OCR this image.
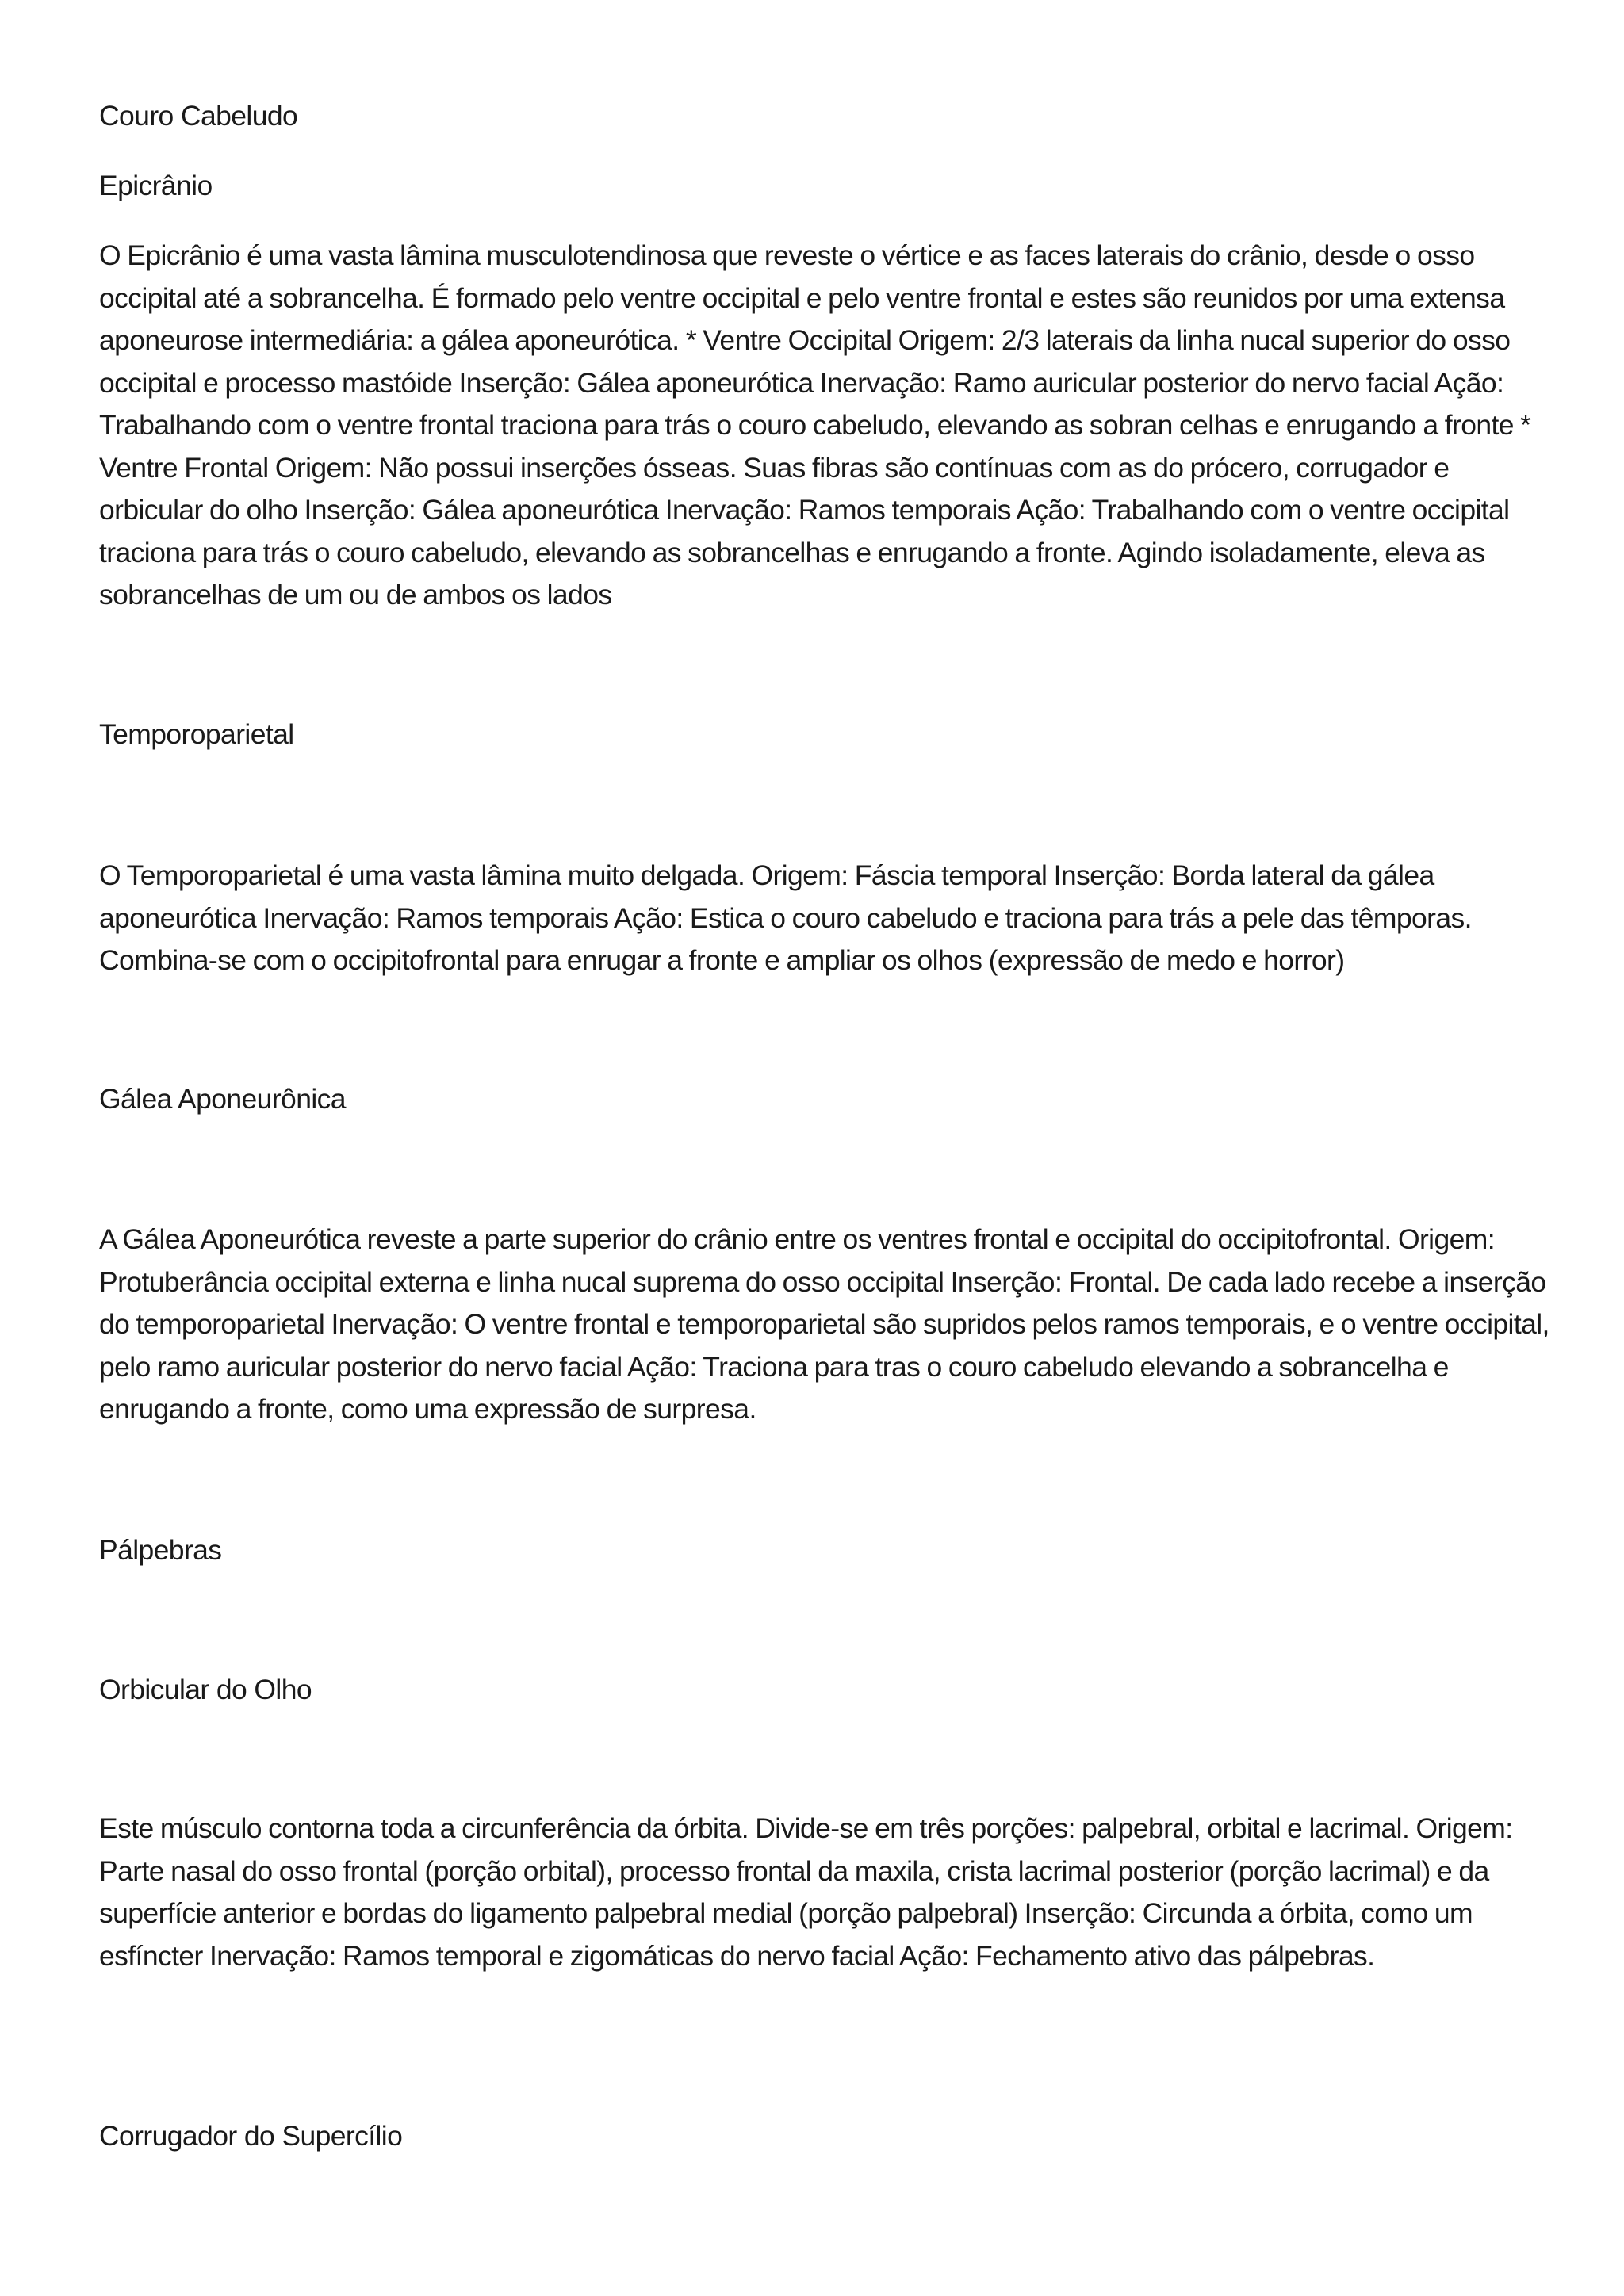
Couro Cabeludo

Epicrânio

O Epicrânio é uma vasta lâmina musculotendinosa que reveste o vértice e as faces laterais do crânio, desde o osso occipital até a sobrancelha. É formado pelo ventre occipital e pelo ventre frontal e estes são reunidos por uma extensa aponeurose intermediária: a gálea aponeurótica. * Ventre Occipital Origem: 2/3 laterais da linha nucal superior do osso occipital e processo mastóide Inserção: Gálea aponeurótica Inervação: Ramo auricular posterior do nervo facial Ação: Trabalhando com o ventre frontal traciona para trás o couro cabeludo, elevando as sobran celhas e enrugando a fronte * Ventre Frontal Origem: Não possui inserções ósseas. Suas fibras são contínuas com as do prócero, corrugador e orbicular do olho Inserção: Gálea aponeurótica Inervação: Ramos temporais Ação: Trabalhando com o ventre occipital traciona para trás o couro cabeludo, elevando as sobrancelhas e enrugando a fronte. Agindo isoladamente, eleva as sobrancelhas de um ou de ambos os lados

Temporoparietal

O Temporoparietal é uma vasta lâmina muito delgada. Origem: Fáscia temporal Inserção: Borda lateral da gálea aponeurótica Inervação: Ramos temporais Ação: Estica o couro cabeludo e traciona para trás a pele das têmporas. Combina-se com o occipitofrontal para enrugar a fronte e ampliar os olhos (expressão de medo e horror)

Gálea Aponeurônica

A Gálea Aponeurótica reveste a parte superior do crânio entre os ventres frontal e occipital do occipitofrontal. Origem: Protuberância occipital externa e linha nucal suprema do osso occipital Inserção: Frontal. De cada lado recebe a inserção do temporoparietal Inervação: O ventre frontal e temporoparietal são supridos pelos ramos temporais, e o ventre occipital, pelo ramo auricular posterior do nervo facial Ação: Traciona para tras o couro cabeludo elevando a sobrancelha e enrugando a fronte, como uma expressão de surpresa.

Pálpebras

Orbicular do Olho

Este músculo contorna toda a circunferência da órbita. Divide-se em três porções: palpebral, orbital e lacrimal. Origem: Parte nasal do osso frontal (porção orbital), processo frontal da maxila, crista lacrimal posterior (porção lacrimal) e da superfície anterior e bordas do ligamento palpebral medial (porção palpebral) Inserção: Circunda a órbita, como um esfíncter Inervação: Ramos temporal e zigomáticas do nervo facial Ação: Fechamento ativo das pálpebras.

Corrugador do Supercílio
